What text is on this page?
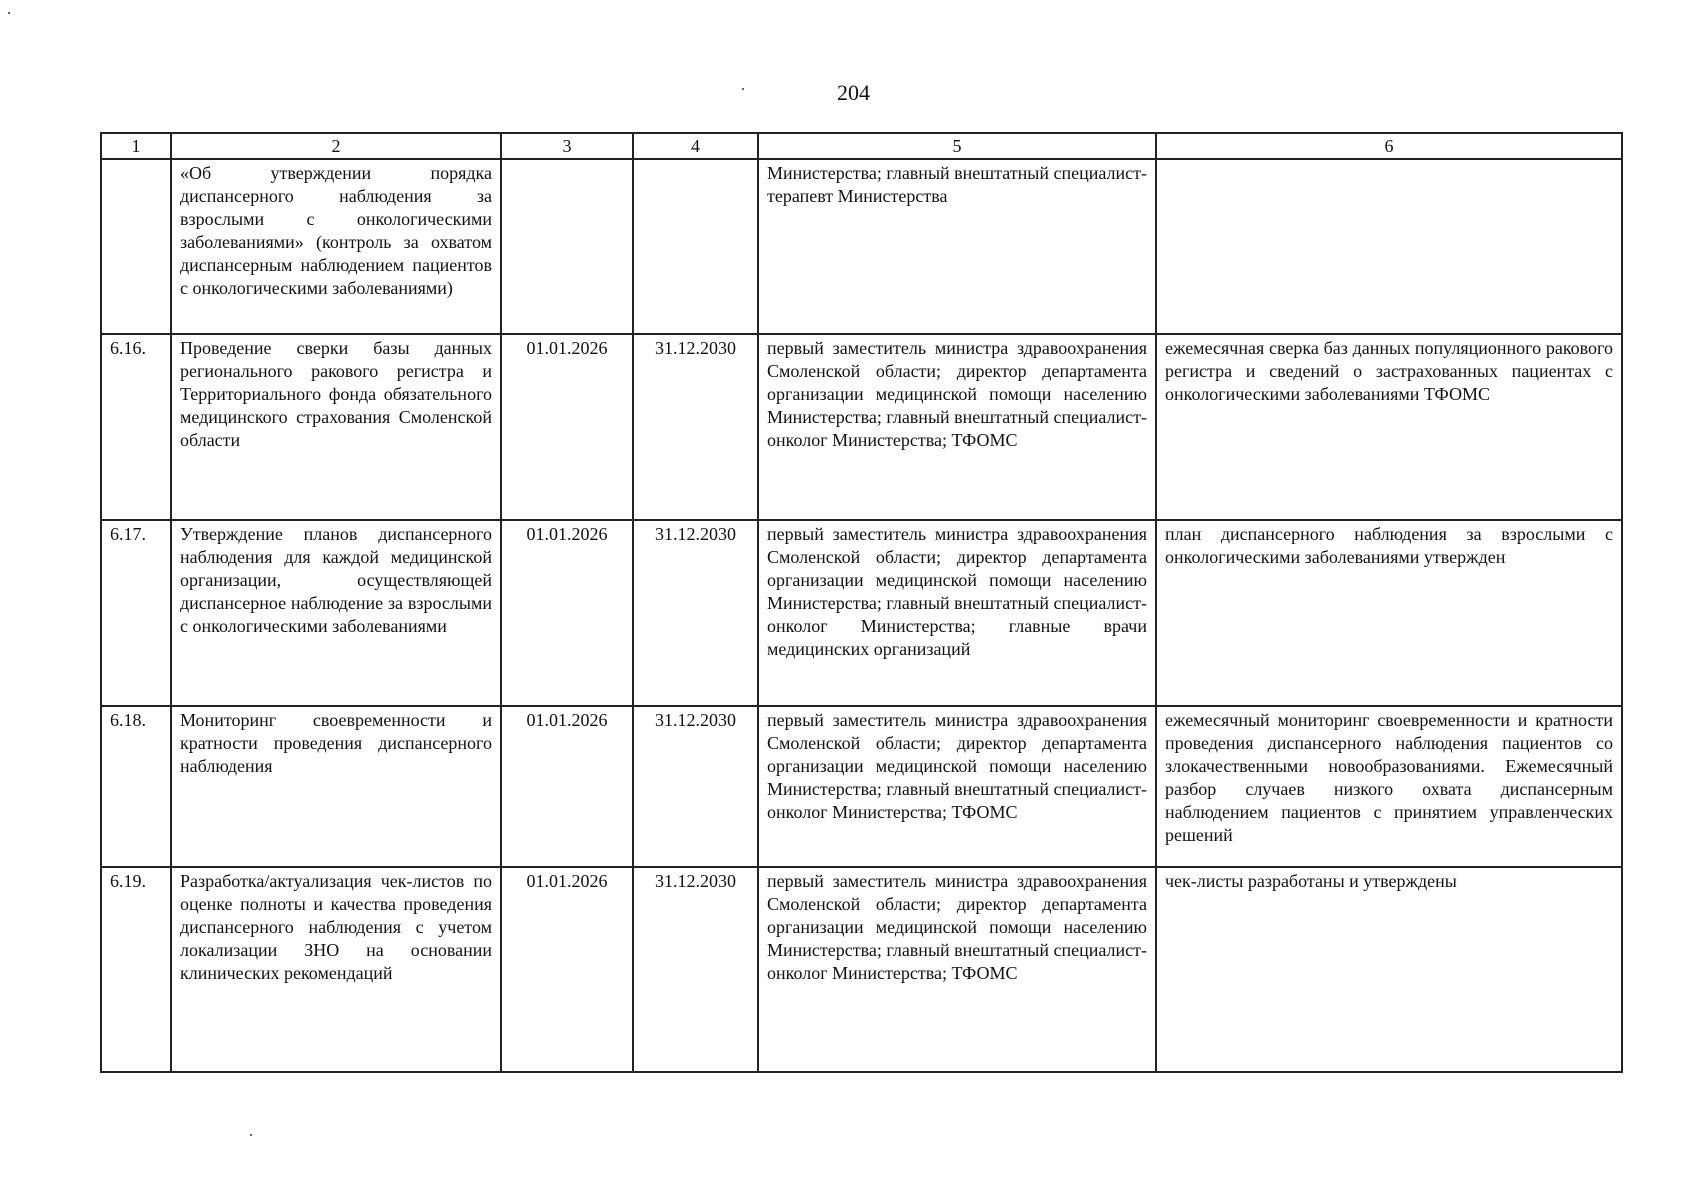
204
1	2	3	4	5	6
	«Об утверждении порядка диспансерного наблюдения за взрослыми с онкологическими заболеваниями» (контроль за охватом диспансерным наблюдением пациентов с онкологическими заболеваниями)			Министерства; главный внештатный специалист-терапевт Министерства	
6.16.	Проведение сверки базы данных регионального ракового регистра и Территориального фонда обязательного медицинского страхования Смоленской области	01.01.2026	31.12.2030	первый заместитель министра здравоохранения Смоленской области; директор департамента организации медицинской помощи населению Министерства; главный внештатный специалист-онколог Министерства; ТФОМС	ежемесячная сверка баз данных популяционного ракового регистра и сведений о застрахованных пациентах с онкологическими заболеваниями ТФОМС
6.17.	Утверждение планов диспансерного наблюдения для каждой медицинской организации, осуществляющей диспансерное наблюдение за взрослыми с онкологическими заболеваниями	01.01.2026	31.12.2030	первый заместитель министра здравоохранения Смоленской области; директор департамента организации медицинской помощи населению Министерства; главный внештатный специалист-онколог Министерства; главные врачи медицинских организаций	план диспансерного наблюдения за взрослыми с онкологическими заболеваниями утвержден
6.18.	Мониторинг своевременности и кратности проведения диспансерного наблюдения	01.01.2026	31.12.2030	первый заместитель министра здравоохранения Смоленской области; директор департамента организации медицинской помощи населению Министерства; главный внештатный специалист-онколог Министерства; ТФОМС	ежемесячный мониторинг своевременности и кратности проведения диспансерного наблюдения пациентов со злокачественными новообразованиями. Ежемесячный разбор случаев низкого охвата диспансерным наблюдением пациентов с принятием управленческих решений
6.19.	Разработка/актуализация чек-листов по оценке полноты и качества проведения диспансерного наблюдения с учетом локализации ЗНО на основании клинических рекомендаций	01.01.2026	31.12.2030	первый заместитель министра здравоохранения Смоленской области; директор департамента организации медицинской помощи населению Министерства; главный внештатный специалист-онколог Министерства; ТФОМС	чек-листы разработаны и утверждены
